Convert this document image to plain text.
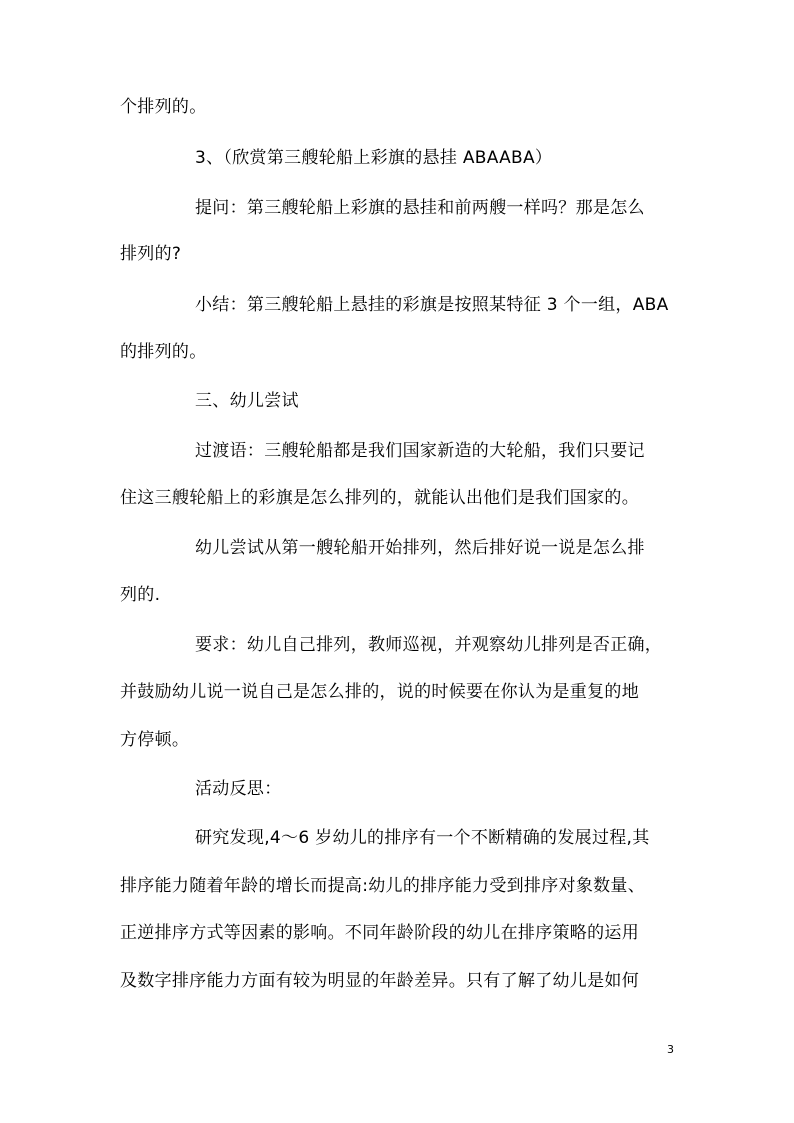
个排列的。
3、（欣赏第三艘轮船上彩旗的悬挂 ABAABA）
提问：第三艘轮船上彩旗的悬挂和前两艘一样吗？那是怎么
排列的?
小结：第三艘轮船上悬挂的彩旗是按照某特征 3 个一组，ABA
的排列的。
三、幼儿尝试
过渡语：三艘轮船都是我们国家新造的大轮船，我们只要记
住这三艘轮船上的彩旗是怎么排列的，就能认出他们是我们国家的。
幼儿尝试从第一艘轮船开始排列，然后排好说一说是怎么排
列的.
要求：幼儿自己排列，教师巡视，并观察幼儿排列是否正确，
并鼓励幼儿说一说自己是怎么排的，说的时候要在你认为是重复的地
方停顿。
活动反思：
研究发现,4～6 岁幼儿的排序有一个不断精确的发展过程,其
排序能力随着年龄的增长而提高:幼儿的排序能力受到排序对象数量、
正逆排序方式等因素的影响。不同年龄阶段的幼儿在排序策略的运用
及数字排序能力方面有较为明显的年龄差异。只有了解了幼儿是如何
3
